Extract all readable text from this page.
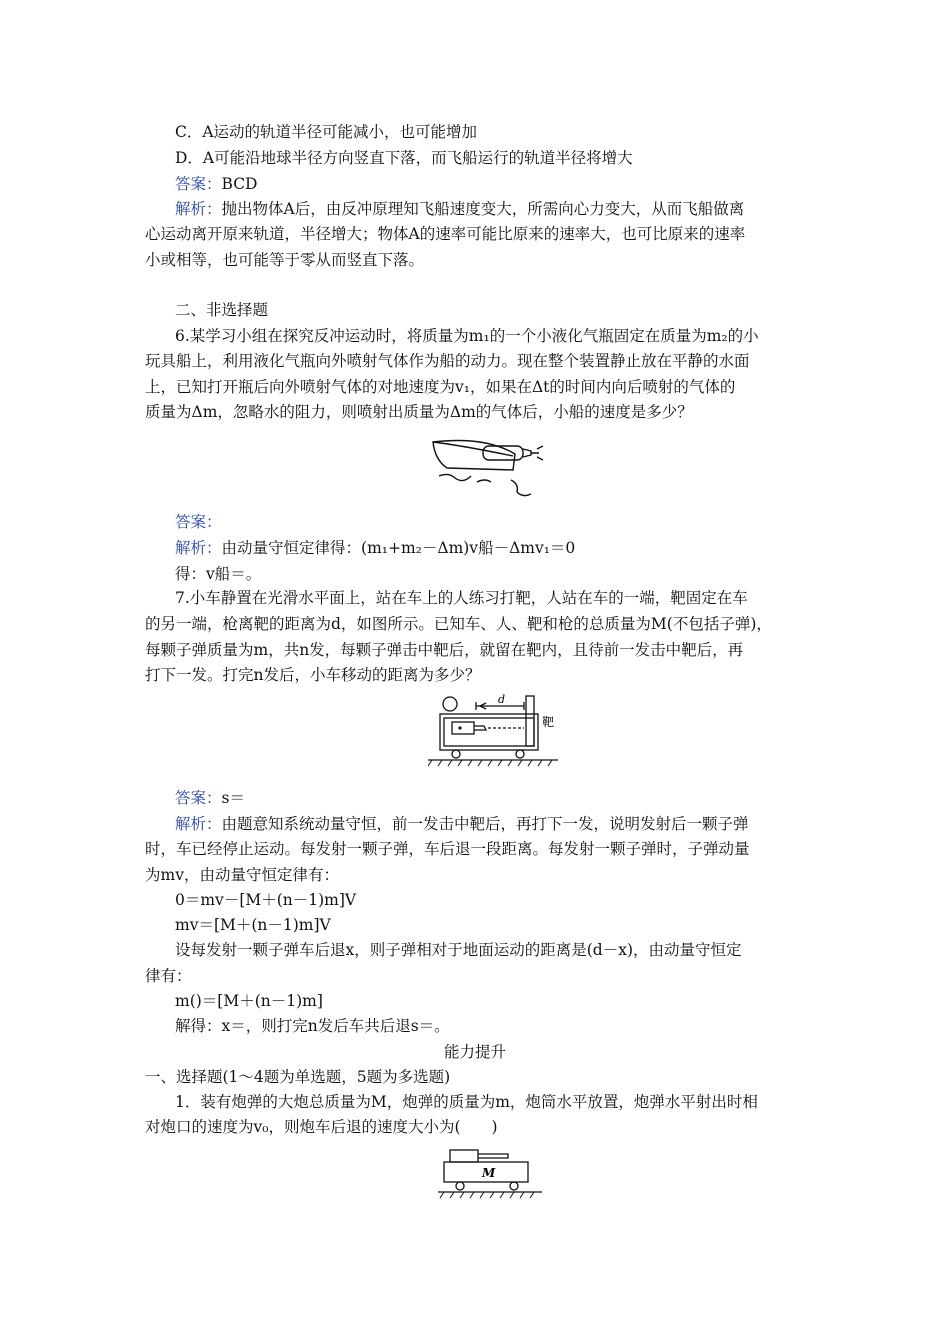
C．A运动的轨道半径可能减小，也可能增加
D．A可能沿地球半径方向竖直下落，而飞船运行的轨道半径将增大
答案：BCD
解析：抛出物体A后，由反冲原理知飞船速度变大，所需向心力变大，从而飞船做离
心运动离开原来轨道，半径增大；物体A的速率可能比原来的速率大，也可比原来的速率
小或相等，也可能等于零从而竖直下落。
二、非选择题
6.某学习小组在探究反冲运动时，将质量为m₁的一个小液化气瓶固定在质量为m₂的小
玩具船上，利用液化气瓶向外喷射气体作为船的动力。现在整个装置静止放在平静的水面
上，已知打开瓶后向外喷射气体的对地速度为v₁，如果在Δt的时间内向后喷射的气体的
质量为Δm，忽略水的阻力，则喷射出质量为Δm的气体后，小船的速度是多少？
答案：
解析：由动量守恒定律得：(m₁+m₂－Δm)v船－Δmv₁＝0
得：v船＝。
7.小车静置在光滑水平面上，站在车上的人练习打靶，人站在车的一端，靶固定在车
的另一端，枪离靶的距离为d，如图所示。已知车、人、靶和枪的总质量为M(不包括子弹)，
每颗子弹质量为m，共n发，每颗子弹击中靶后，就留在靶内，且待前一发击中靶后，再
打下一发。打完n发后，小车移动的距离为多少？
d
靶
答案：s＝
解析：由题意知系统动量守恒，前一发击中靶后，再打下一发，说明发射后一颗子弹
时，车已经停止运动。每发射一颗子弹，车后退一段距离。每发射一颗子弹时，子弹动量
为mv，由动量守恒定律有：
0＝mv－[M＋(n－1)m]V
mv＝[M＋(n－1)m]V
设每发射一颗子弹车后退x，则子弹相对于地面运动的距离是(d－x)，由动量守恒定
律有：
m()＝[M＋(n－1)m]
解得：x＝，则打完n发后车共后退s＝。
能力提升
一、选择题(1～4题为单选题，5题为多选题)
1．装有炮弹的大炮总质量为M，炮弹的质量为m，炮筒水平放置，炮弹水平射出时相
对炮口的速度为v₀，则炮车后退的速度大小为(　　)
M
